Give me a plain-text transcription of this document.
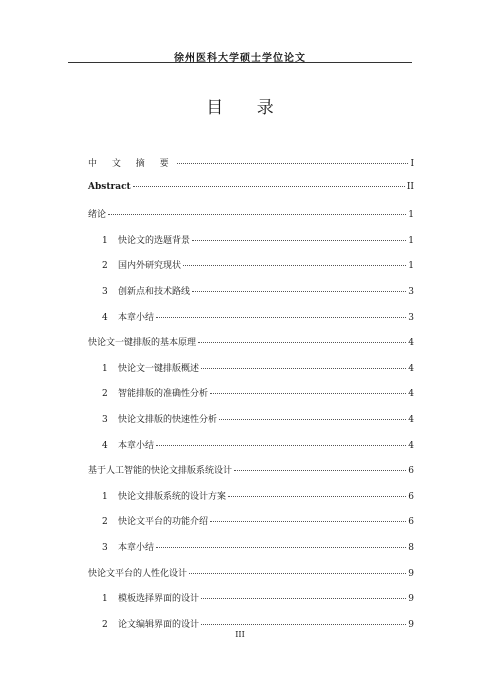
徐州医科大学硕士学位论文
目 录
中 文 摘 要	I
Abstract	II
绪论	1
1	快论文的选题背景	1
2	国内外研究现状	1
3	创新点和技术路线	3
4	本章小结	3
快论文一键排版的基本原理	4
1	快论文一键排版概述	4
2	智能排版的准确性分析	4
3	快论文排版的快速性分析	4
4	本章小结	4
基于人工智能的快论文排版系统设计	6
1	快论文排版系统的设计方案	6
2	快论文平台的功能介绍	6
3	本章小结	8
快论文平台的人性化设计	9
1	模板选择界面的设计	9
2	论文编辑界面的设计	9
III
